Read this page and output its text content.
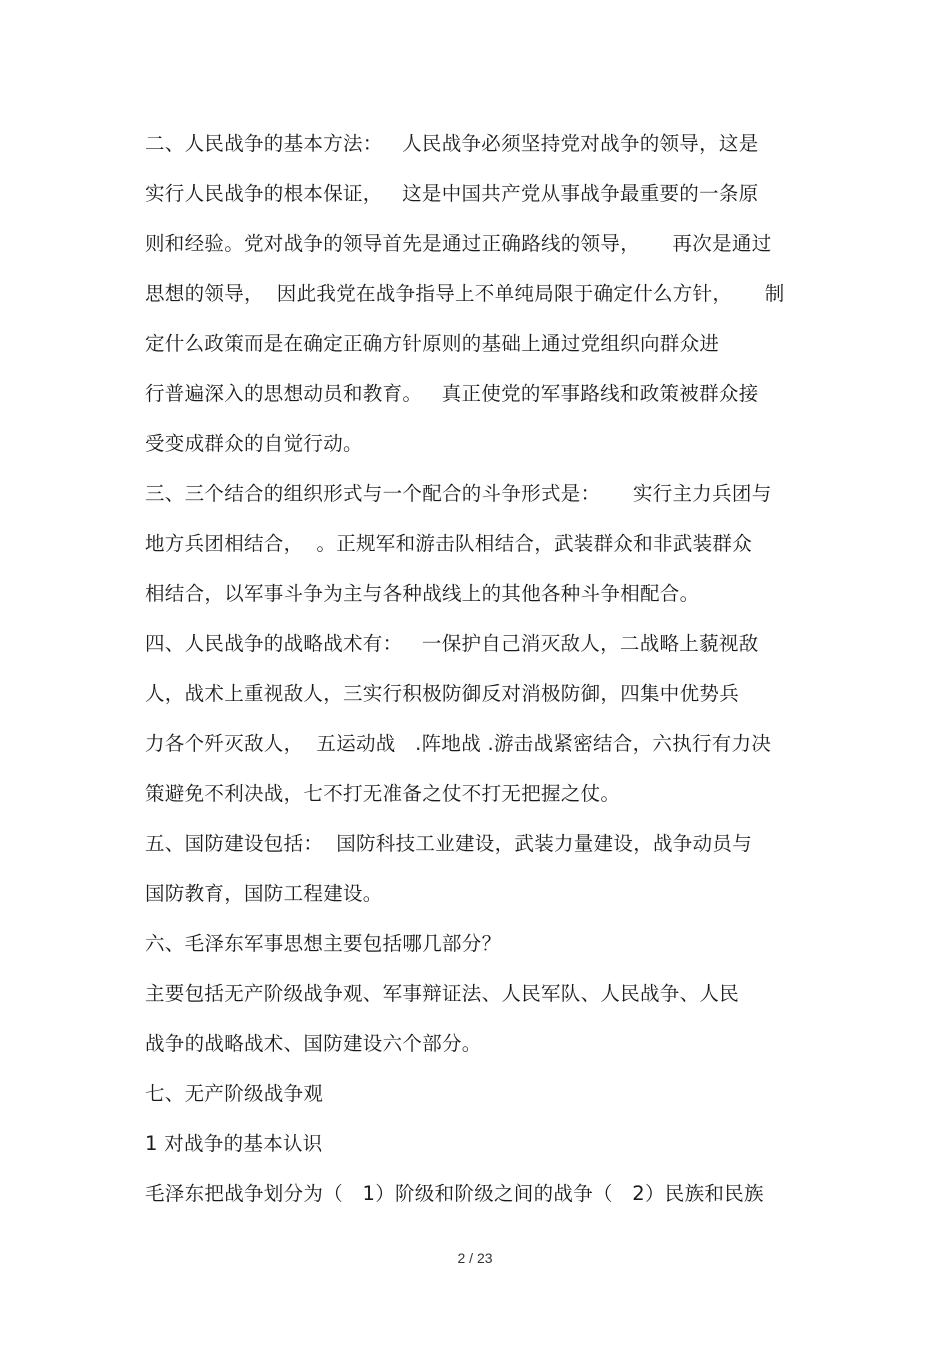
二、人民战争的基本方法：   人民战争必须坚持党对战争的领导，这是
实行人民战争的根本保证，   这是中国共产党从事战争最重要的一条原
则和经验。党对战争的领导首先是通过正确路线的领导，     再次是通过
思想的领导，  因此我党在战争指导上不单纯局限于确定什么方针，     制
定什么政策而是在确定正确方针原则的基础上通过党组织向群众进
行普遍深入的思想动员和教育。   真正使党的军事路线和政策被群众接
受变成群众的自觉行动。
三、三个结合的组织形式与一个配合的斗争形式是：     实行主力兵团与
地方兵团相结合，  。正规军和游击队相结合，武装群众和非武装群众
相结合，以军事斗争为主与各种战线上的其他各种斗争相配合。
四、人民战争的战略战术有：   一保护自己消灭敌人，二战略上藐视敌
人，战术上重视敌人，三实行积极防御反对消极防御，四集中优势兵
力各个歼灭敌人，  五运动战   .阵地战 .游击战紧密结合，六执行有力决
策避免不利决战，七不打无准备之仗不打无把握之仗。
五、国防建设包括：  国防科技工业建设，武装力量建设，战争动员与
国防教育，国防工程建设。
六、毛泽东军事思想主要包括哪几部分？
主要包括无产阶级战争观、军事辩证法、人民军队、人民战争、人民
战争的战略战术、国防建设六个部分。
七、无产阶级战争观
1 对战争的基本认识
毛泽东把战争划分为（   1）阶级和阶级之间的战争（   2）民族和民族
2 / 23
